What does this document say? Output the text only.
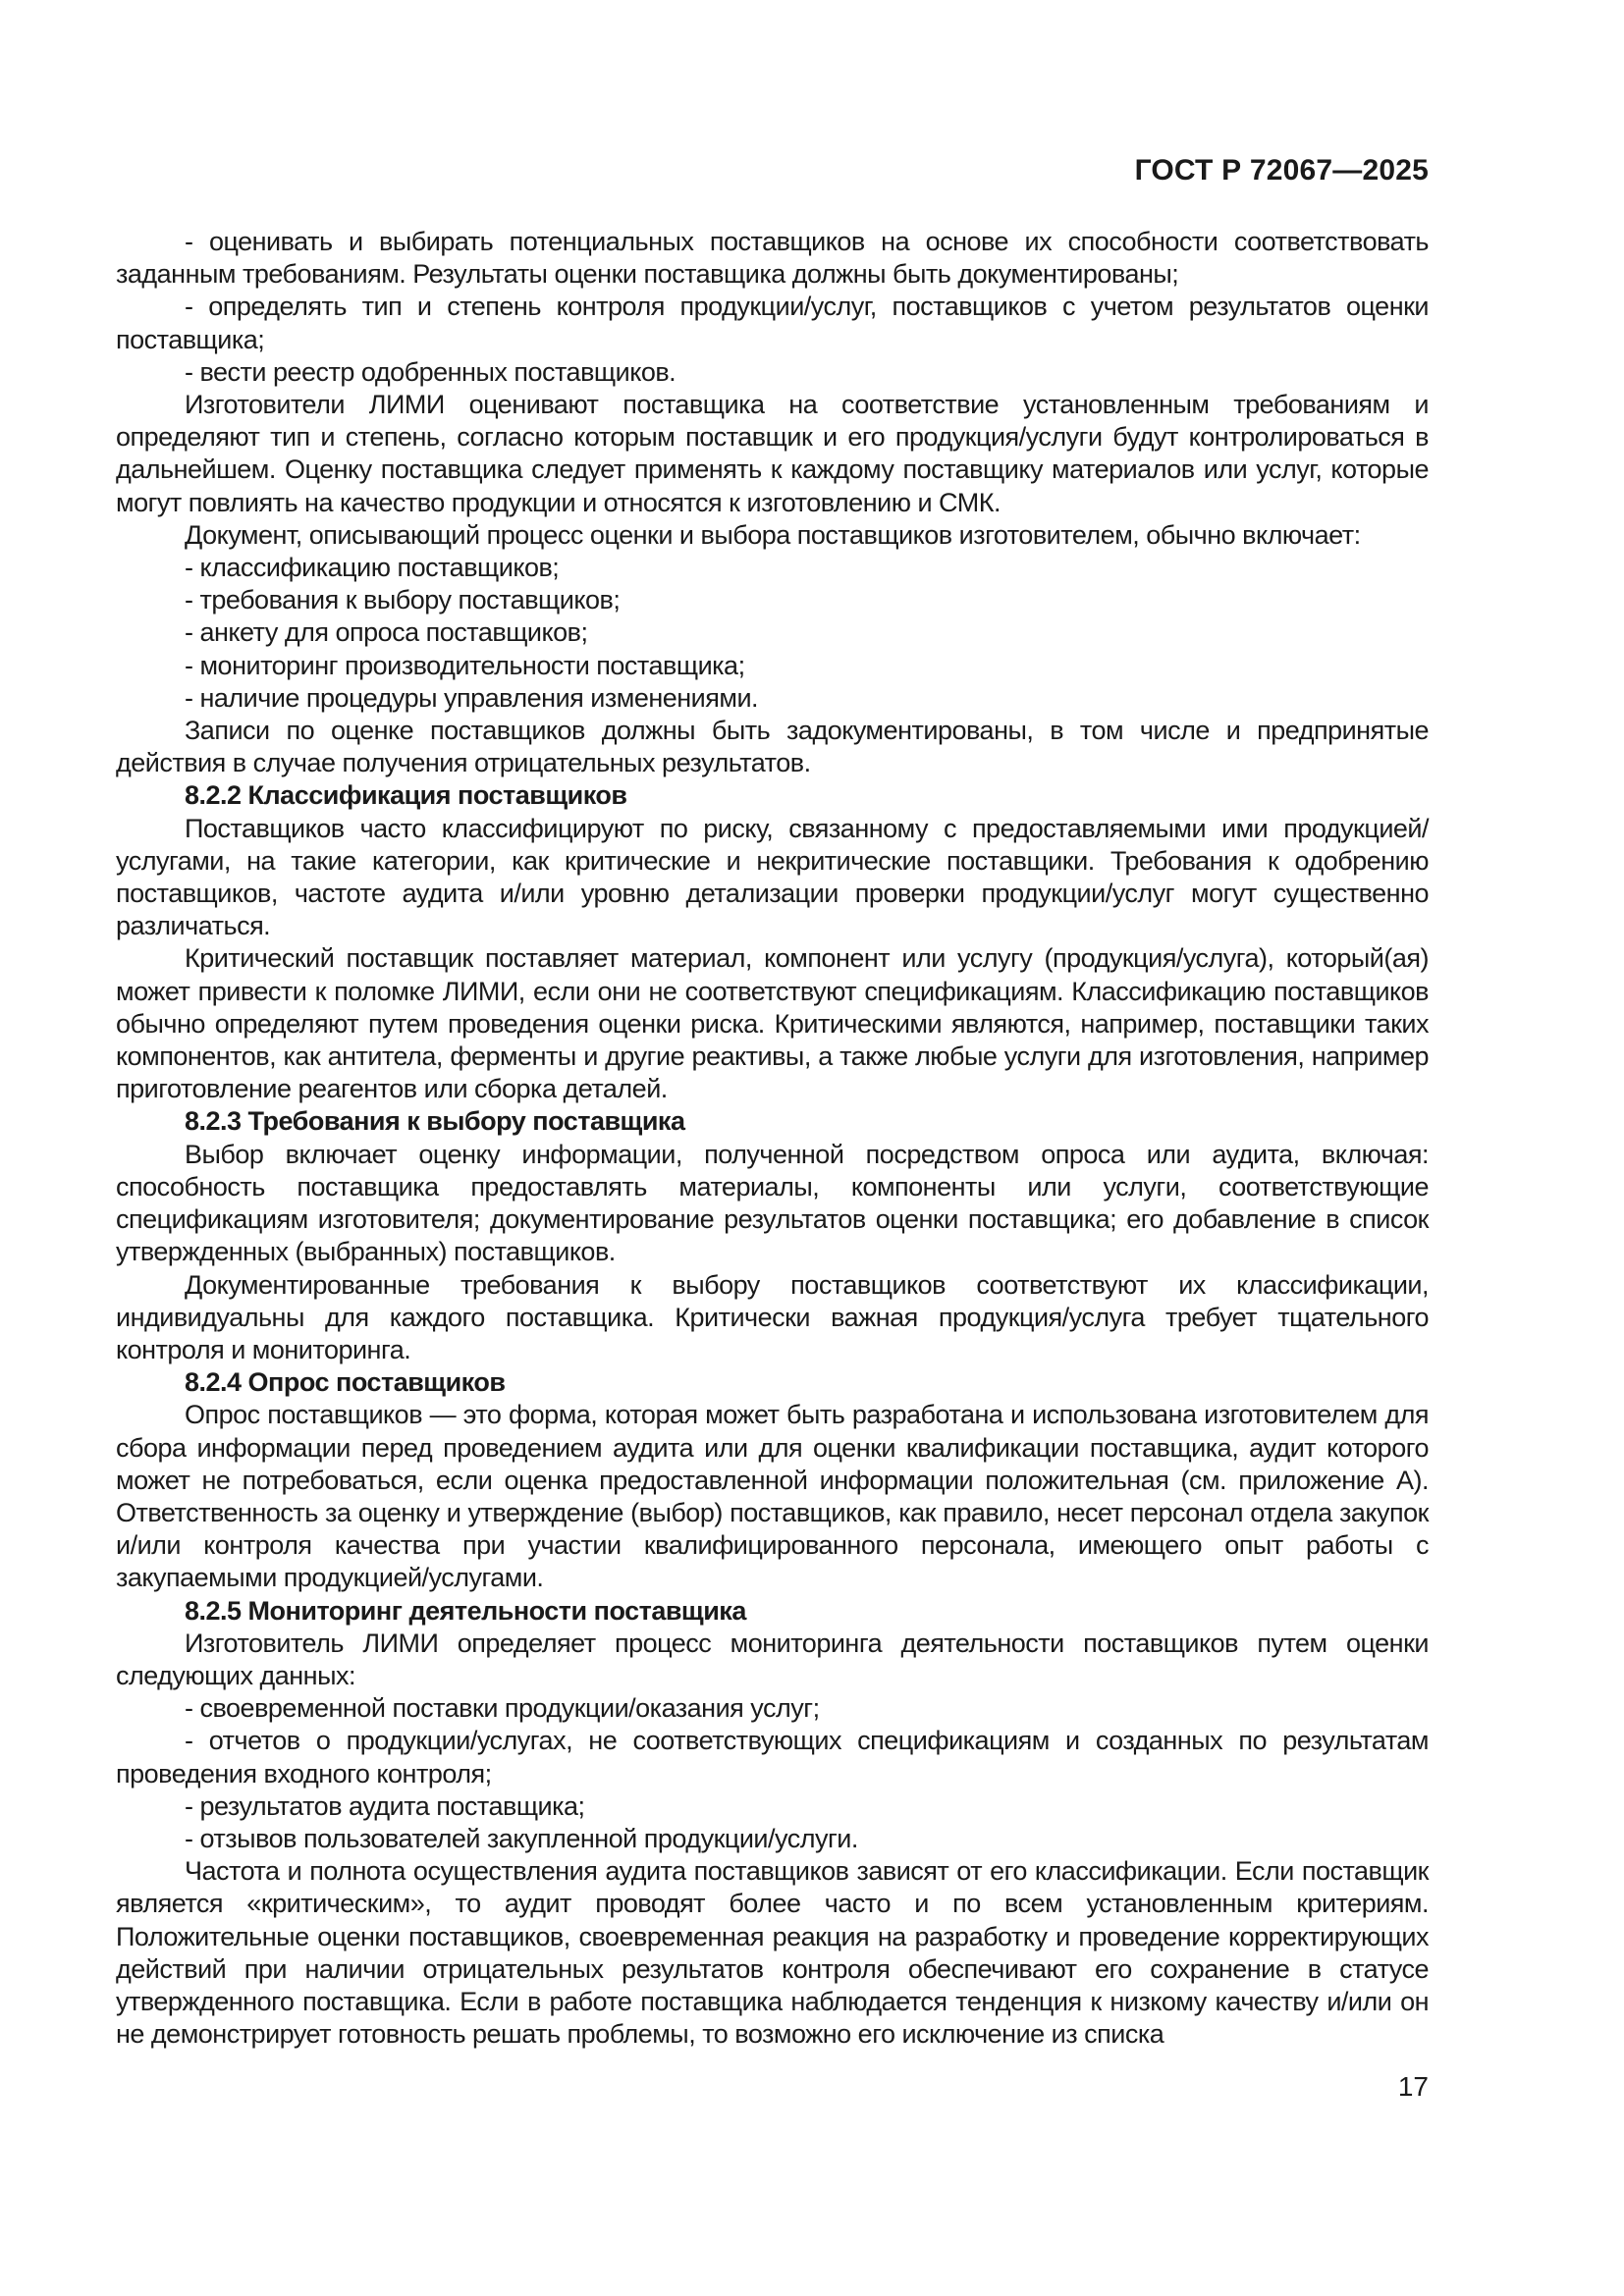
ГОСТ Р 72067—2025
- оценивать и выбирать потенциальных поставщиков на основе их способности соответствовать заданным требованиям. Результаты оценки поставщика должны быть документированы;
- определять тип и степень контроля продукции/услуг, поставщиков с учетом результатов оценки поставщика;
- вести реестр одобренных поставщиков.
Изготовители ЛИМИ оценивают поставщика на соответствие установленным требованиям и определяют тип и степень, согласно которым поставщик и его продукция/услуги будут контролироваться в дальнейшем. Оценку поставщика следует применять к каждому поставщику материалов или услуг, которые могут повлиять на качество продукции и относятся к изготовлению и СМК.
Документ, описывающий процесс оценки и выбора поставщиков изготовителем, обычно включает:
- классификацию поставщиков;
- требования к выбору поставщиков;
- анкету для опроса поставщиков;
- мониторинг производительности поставщика;
- наличие процедуры управления изменениями.
Записи по оценке поставщиков должны быть задокументированы, в том числе и предпринятые действия в случае получения отрицательных результатов.
8.2.2 Классификация поставщиков
Поставщиков часто классифицируют по риску, связанному с предоставляемыми ими продукцией/услугами, на такие категории, как критические и некритические поставщики. Требования к одобрению поставщиков, частоте аудита и/или уровню детализации проверки продукции/услуг могут существенно различаться.
Критический поставщик поставляет материал, компонент или услугу (продукция/услуга), который(ая) может привести к поломке ЛИМИ, если они не соответствуют спецификациям. Классификацию поставщиков обычно определяют путем проведения оценки риска. Критическими являются, например, поставщики таких компонентов, как антитела, ферменты и другие реактивы, а также любые услуги для изготовления, например приготовление реагентов или сборка деталей.
8.2.3 Требования к выбору поставщика
Выбор включает оценку информации, полученной посредством опроса или аудита, включая: способность поставщика предоставлять материалы, компоненты или услуги, соответствующие спецификациям изготовителя; документирование результатов оценки поставщика; его добавление в список утвержденных (выбранных) поставщиков.
Документированные требования к выбору поставщиков соответствуют их классификации, индивидуальны для каждого поставщика. Критически важная продукция/услуга требует тщательного контроля и мониторинга.
8.2.4 Опрос поставщиков
Опрос поставщиков — это форма, которая может быть разработана и использована изготовителем для сбора информации перед проведением аудита или для оценки квалификации поставщика, аудит которого может не потребоваться, если оценка предоставленной информации положительная (см. приложение А). Ответственность за оценку и утверждение (выбор) поставщиков, как правило, несет персонал отдела закупок и/или контроля качества при участии квалифицированного персонала, имеющего опыт работы с закупаемыми продукцией/услугами.
8.2.5 Мониторинг деятельности поставщика
Изготовитель ЛИМИ определяет процесс мониторинга деятельности поставщиков путем оценки следующих данных:
- своевременной поставки продукции/оказания услуг;
- отчетов о продукции/услугах, не соответствующих спецификациям и созданных по результатам проведения входного контроля;
- результатов аудита поставщика;
- отзывов пользователей закупленной продукции/услуги.
Частота и полнота осуществления аудита поставщиков зависят от его классификации. Если поставщик является «критическим», то аудит проводят более часто и по всем установленным критериям. Положительные оценки поставщиков, своевременная реакция на разработку и проведение корректирующих действий при наличии отрицательных результатов контроля обеспечивают его сохранение в статусе утвержденного поставщика. Если в работе поставщика наблюдается тенденция к низкому качеству и/или он не демонстрирует готовность решать проблемы, то возможно его исключение из списка
17
